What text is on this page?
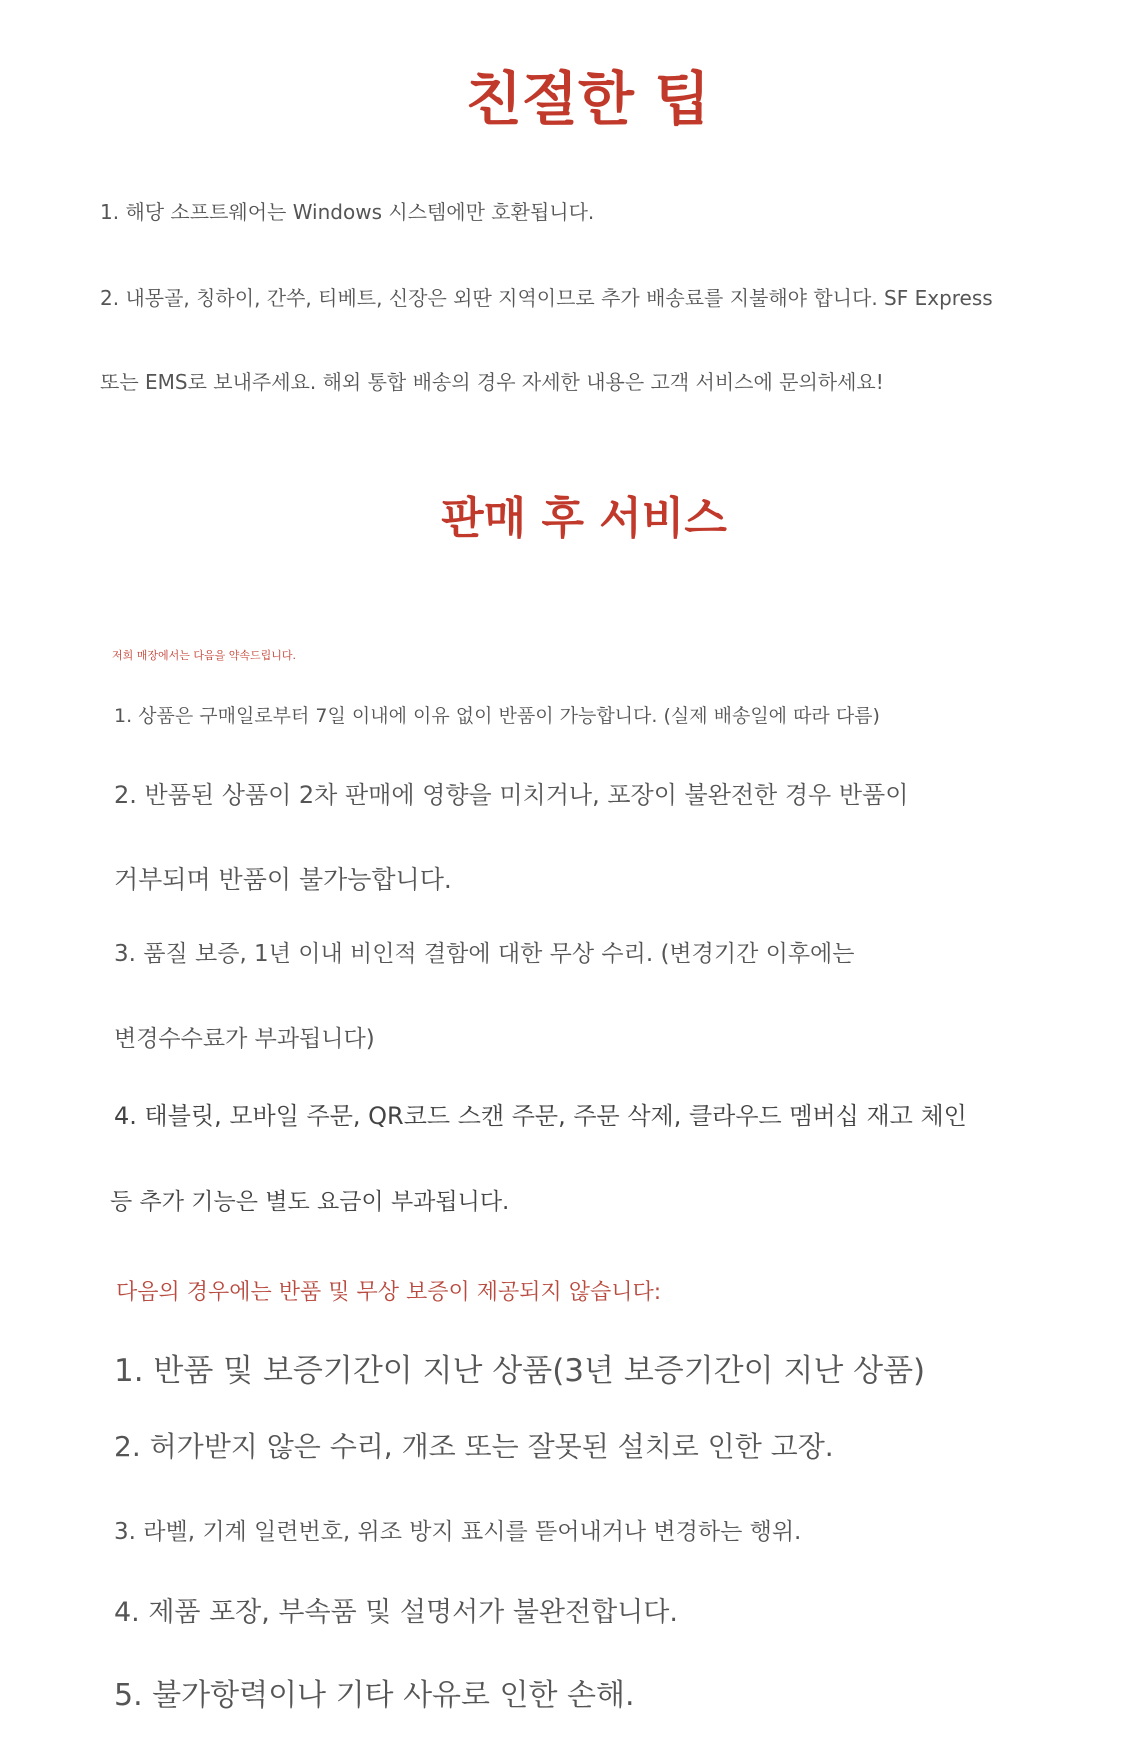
친절한 팁
1. 해당 소프트웨어는 Windows 시스템에만 호환됩니다.
2. 내몽골, 칭하이, 간쑤, 티베트, 신장은 외딴 지역이므로 추가 배송료를 지불해야 합니다. SF Express
또는 EMS로 보내주세요. 해외 통합 배송의 경우 자세한 내용은 고객 서비스에 문의하세요!
판매 후 서비스
저희 매장에서는 다음을 약속드립니다.
1. 상품은 구매일로부터 7일 이내에 이유 없이 반품이 가능합니다. (실제 배송일에 따라 다름)
2. 반품된 상품이 2차 판매에 영향을 미치거나, 포장이 불완전한 경우 반품이
거부되며 반품이 불가능합니다.
3. 품질 보증, 1년 이내 비인적 결함에 대한 무상 수리. (변경기간 이후에는
변경수수료가 부과됩니다)
4. 태블릿, 모바일 주문, QR코드 스캔 주문, 주문 삭제, 클라우드 멤버십 재고 체인
등 추가 기능은 별도 요금이 부과됩니다.
다음의 경우에는 반품 및 무상 보증이 제공되지 않습니다:
1. 반품 및 보증기간이 지난 상품(3년 보증기간이 지난 상품)
2. 허가받지 않은 수리, 개조 또는 잘못된 설치로 인한 고장.
3. 라벨, 기계 일련번호, 위조 방지 표시를 뜯어내거나 변경하는 행위.
4. 제품 포장, 부속품 및 설명서가 불완전합니다.
5. 불가항력이나 기타 사유로 인한 손해.
